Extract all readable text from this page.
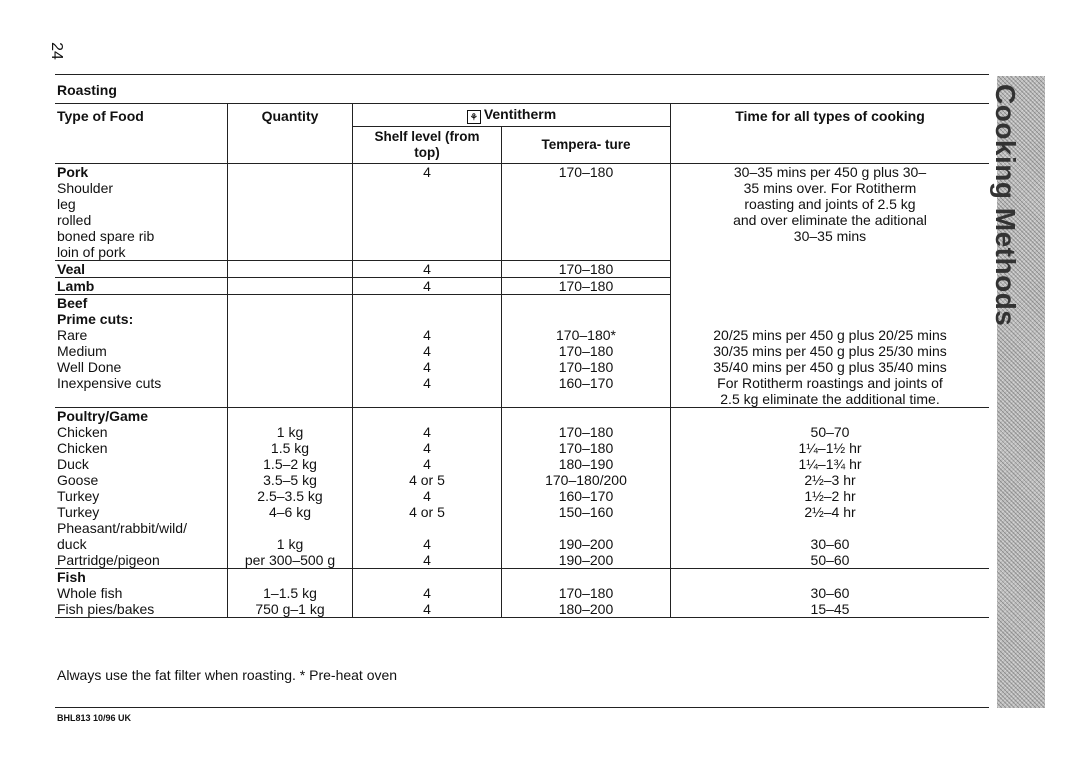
24
Roasting	Cooking Methods
Type of Food	Quantity	⚘ Ventitherm		Time for all types of cooking
		Shelf level (from top)	Tempera- ture	
Pork		4	170–180	30–35 mins per 450 g plus 30–35 mins over. For Rotitherm roasting and joints of 2.5 kg and over eliminate the aditional 30–35 mins
Shoulder				
leg				
rolled				
boned spare rib				
loin of pork				
Veal		4	170–180	
Lamb		4	170–180	
Beef				
Prime cuts:				
Rare		4	170–180*	20/25 mins per 450 g plus 20/25 mins
Medium		4	170–180	30/35 mins per 450 g plus 25/30 mins
Well Done		4	170–180	35/40 mins per 450 g plus 35/40 mins
Inexpensive cuts		4	160–170	For Rotitherm roastings and joints of
				2.5 kg eliminate the additional time.
Poultry/Game				
Chicken	1 kg	4	170–180	50–70
Chicken	1.5 kg	4	170–180	1¼–1½ hr
Duck	1.5–2 kg	4	180–190	1¼–1¾ hr
Goose	3.5–5 kg	4 or 5	170–180/200	2½–3 hr
Turkey	2.5–3.5 kg	4	160–170	1½–2 hr
Turkey	4–6 kg	4 or 5	150–160	2½–4 hr
Pheasant/rabbit/wild/				
duck	1 kg	4	190–200	30–60
Partridge/pigeon	per 300–500 g	4	190–200	50–60
Fish				
Whole fish	1–1.5 kg	4	170–180	30–60
Fish pies/bakes	750 g–1 kg	4	180–200	15–45
Always use the fat filter when roasting. * Pre-heat oven
BHL813 10/96 UK
